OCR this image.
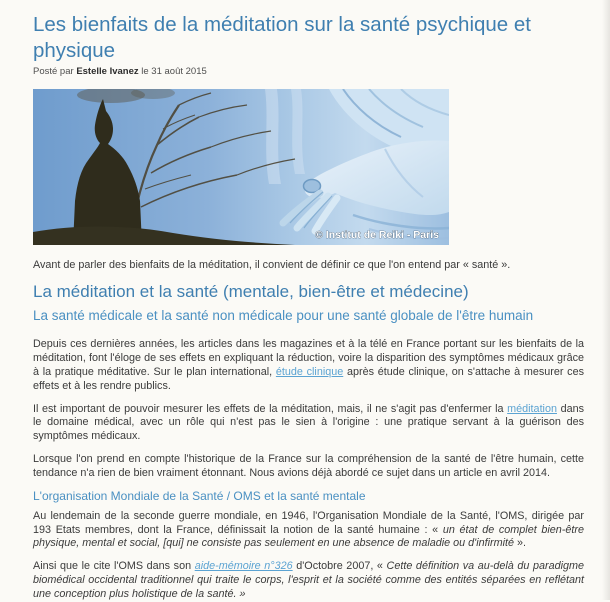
Les bienfaits de la méditation sur la santé psychique et physique
Posté par Estelle Ivanez le 31 août 2015
© Institut de Reiki - Paris

Avant de parler des bienfaits de la méditation, il convient de définir ce que l'on entend par « santé ».

La méditation et la santé (mentale, bien-être et médecine)
La santé médicale et la santé non médicale pour une santé globale de l'être humain

Depuis ces dernières années, les articles dans les magazines et à la télé en France portant sur les bienfaits de la méditation, font l'éloge de ses effets en expliquant la réduction, voire la disparition des symptômes médicaux grâce à la pratique méditative. Sur le plan international, étude clinique après étude clinique, on s'attache à mesurer ces effets et à les rendre publics.

Il est important de pouvoir mesurer les effets de la méditation, mais, il ne s'agit pas d'enfermer la méditation dans le domaine médical, avec un rôle qui n'est pas le sien à l'origine : une pratique servant à la guérison des symptômes médicaux.

Lorsque l'on prend en compte l'historique de la France sur la compréhension de la santé de l'être humain, cette tendance n'a rien de bien vraiment étonnant. Nous avions déjà abordé ce sujet dans un article en avril 2014.

L'organisation Mondiale de la Santé / OMS et la santé mentale

Au lendemain de la seconde guerre mondiale, en 1946, l'Organisation Mondiale de la Santé, l'OMS, dirigée par 193 Etats membres, dont la France, définissait la notion de la santé humaine : « un état de complet bien-être physique, mental et social, [qui] ne consiste pas seulement en une absence de maladie ou d'infirmité ».

Ainsi que le cite l'OMS dans son aide-mémoire n°326 d'Octobre 2007, « Cette définition va au-delà du paradigme biomédical occidental traditionnel qui traite le corps, l'esprit et la société comme des entités séparées en reflétant une conception plus holistique de la santé. »
